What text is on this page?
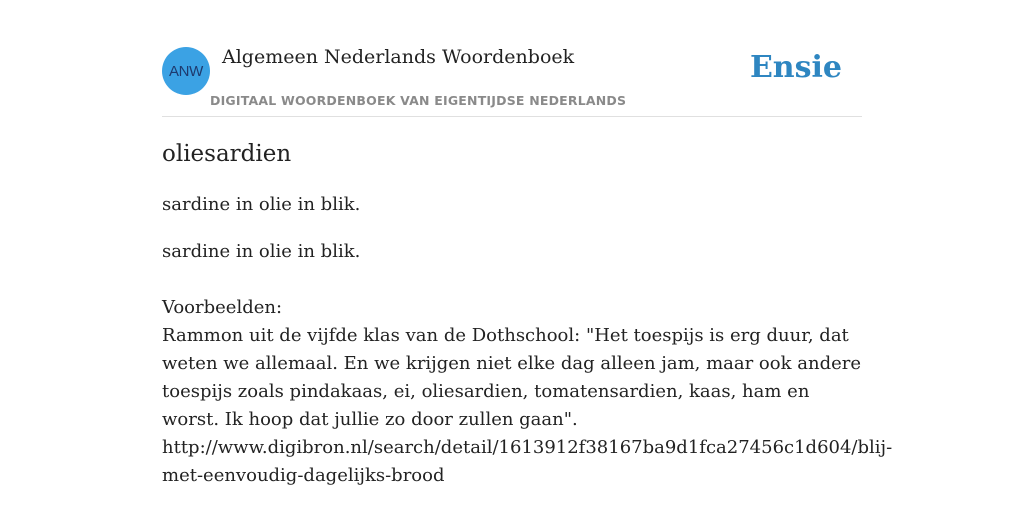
ANW
Algemeen Nederlands Woordenboek
DIGITAAL WOORDENBOEK VAN EIGENTIJDSE NEDERLANDS
Ensie
oliesardien
sardine in olie in blik.
sardine in olie in blik.
Voorbeelden:
Rammon uit de vijfde klas van de Dothschool: "Het toespijs is erg duur, dat weten we allemaal. En we krijgen niet elke dag alleen jam, maar ook andere toespijs zoals pindakaas, ei, oliesardien, tomatensardien, kaas, ham en worst. Ik hoop dat jullie zo door zullen gaan".
http://www.digibron.nl/search/detail/1613912f38167ba9d1fca27456c1d604/blij-
met-eenvoudig-dagelijks-brood
